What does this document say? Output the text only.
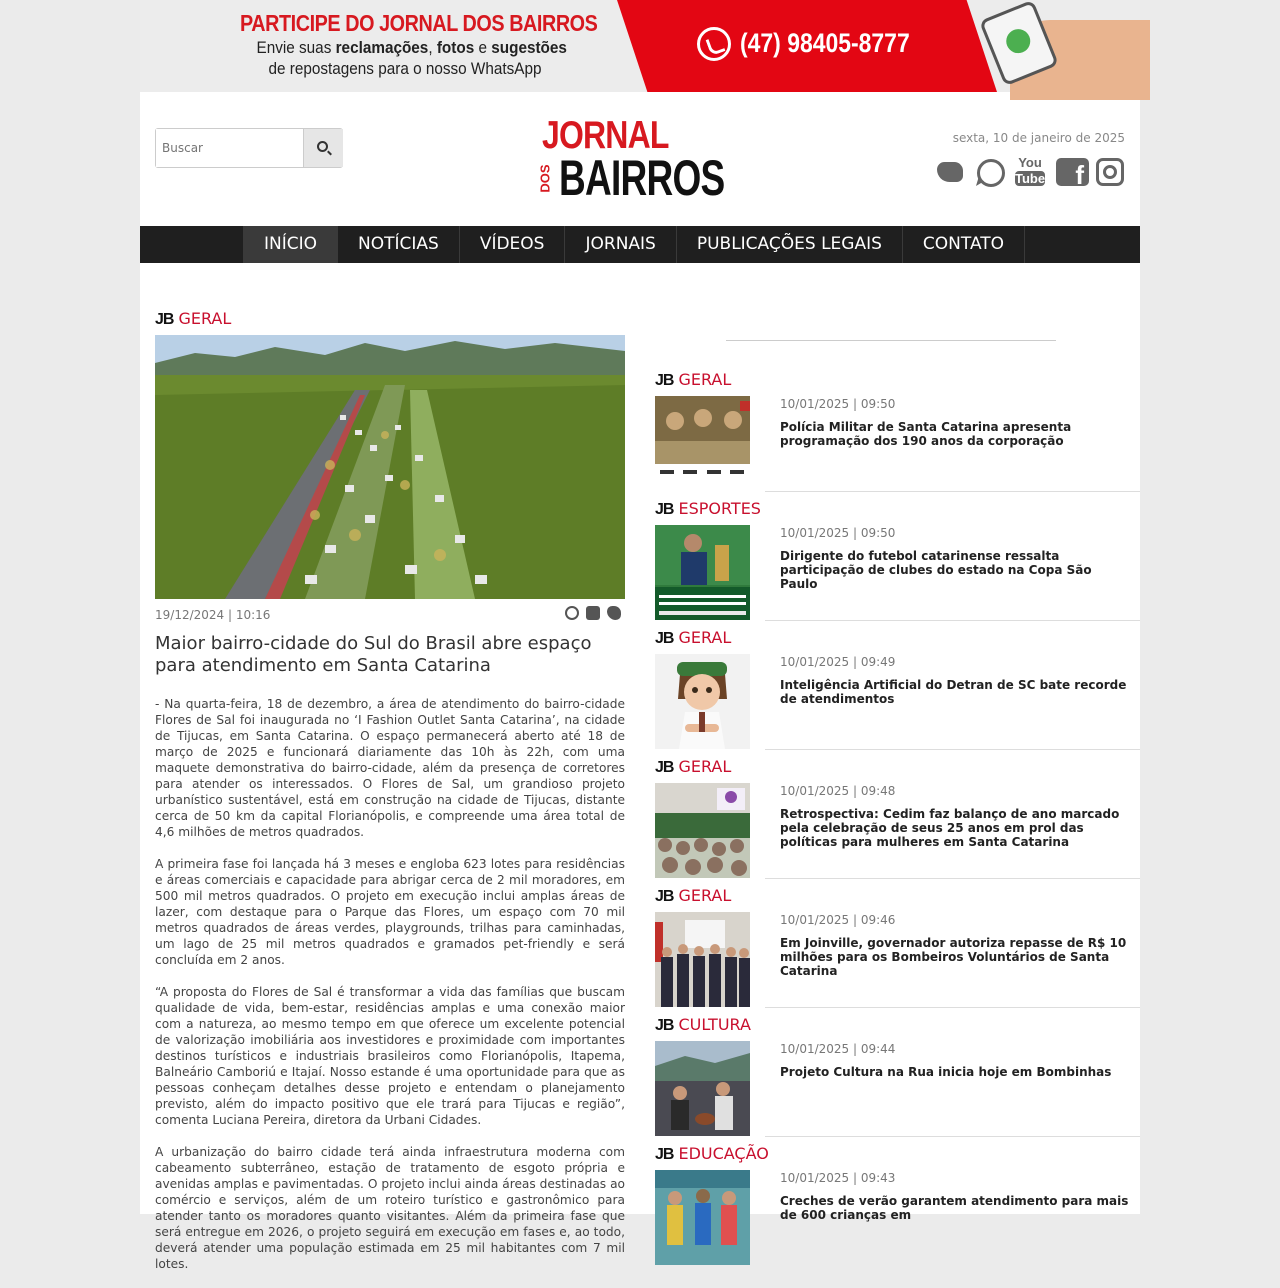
PARTICIPE DO JORNAL DOS BAIRROS
Envie suas reclamações, fotos e sugestões
de repostagens para o nosso WhatsApp
(47) 98405-8777
Buscar
JORNAL
DOS BAIRROS
sexta, 10 de janeiro de 2025
You
Tube
f
INÍCIO	NOTÍCIAS	VÍDEOS	JORNAIS	PUBLICAÇÕES LEGAIS	CONTATO
JB GERAL
19/12/2024 | 10:16
Maior bairro-cidade do Sul do Brasil abre espaço para atendimento em Santa Catarina

- Na quarta-feira, 18 de dezembro, a área de atendimento do bairro-cidade Flores de Sal foi inaugurada no ‘I Fashion Outlet Santa Catarina’, na cidade de Tijucas, em Santa Catarina. O espaço permanecerá aberto até 18 de março de 2025 e funcionará diariamente das 10h às 22h, com uma maquete demonstrativa do bairro-cidade, além da presença de corretores para atender os interessados. O Flores de Sal, um grandioso projeto urbanístico sustentável, está em construção na cidade de Tijucas, distante cerca de 50 km da capital Florianópolis, e compreende uma área total de 4,6 milhões de metros quadrados.

A primeira fase foi lançada há 3 meses e engloba 623 lotes para residências e áreas comerciais e capacidade para abrigar cerca de 2 mil moradores, em 500 mil metros quadrados. O projeto em execução inclui amplas áreas de lazer, com destaque para o Parque das Flores, um espaço com 70 mil metros quadrados de áreas verdes, playgrounds, trilhas para caminhadas, um lago de 25 mil metros quadrados e gramados pet-friendly e será concluída em 2 anos.

“A proposta do Flores de Sal é transformar a vida das famílias que buscam qualidade de vida, bem-estar, residências amplas e uma conexão maior com a natureza, ao mesmo tempo em que oferece um excelente potencial de valorização imobiliária aos investidores e proximidade com importantes destinos turísticos e industriais brasileiros como Florianópolis, Itapema, Balneário Camboriú e Itajaí. Nosso estande é uma oportunidade para que as pessoas conheçam detalhes desse projeto e entendam o planejamento previsto, além do impacto positivo que ele trará para Tijucas e região”, comenta Luciana Pereira, diretora da Urbani Cidades.

A urbanização do bairro cidade terá ainda infraestrutura moderna com cabeamento subterrâneo, estação de tratamento de esgoto própria e avenidas amplas e pavimentadas. O projeto inclui ainda áreas destinadas ao comércio e serviços, além de um roteiro turístico e gastronômico para atender tanto os moradores quanto visitantes. Além da primeira fase que será entregue em 2026, o projeto seguirá em execução em fases e, ao todo, deverá atender uma população estimada em 25 mil habitantes com 7 mil lotes.

JB GERAL
10/01/2025 | 09:50
Polícia Militar de Santa Catarina apresenta programação dos 190 anos da corporação
JB ESPORTES
10/01/2025 | 09:50
Dirigente do futebol catarinense ressalta participação de clubes do estado na Copa São Paulo
JB GERAL
10/01/2025 | 09:49
Inteligência Artificial do Detran de SC bate recorde de atendimentos
JB GERAL
10/01/2025 | 09:48
Retrospectiva: Cedim faz balanço de ano marcado pela celebração de seus 25 anos em prol das políticas para mulheres em Santa Catarina
JB GERAL
10/01/2025 | 09:46
Em Joinville, governador autoriza repasse de R$ 10 milhões para os Bombeiros Voluntários de Santa Catarina
JB CULTURA
10/01/2025 | 09:44
Projeto Cultura na Rua inicia hoje em Bombinhas
JB EDUCAÇÃO
10/01/2025 | 09:43
Creches de verão garantem atendimento para mais de 600 crianças em
